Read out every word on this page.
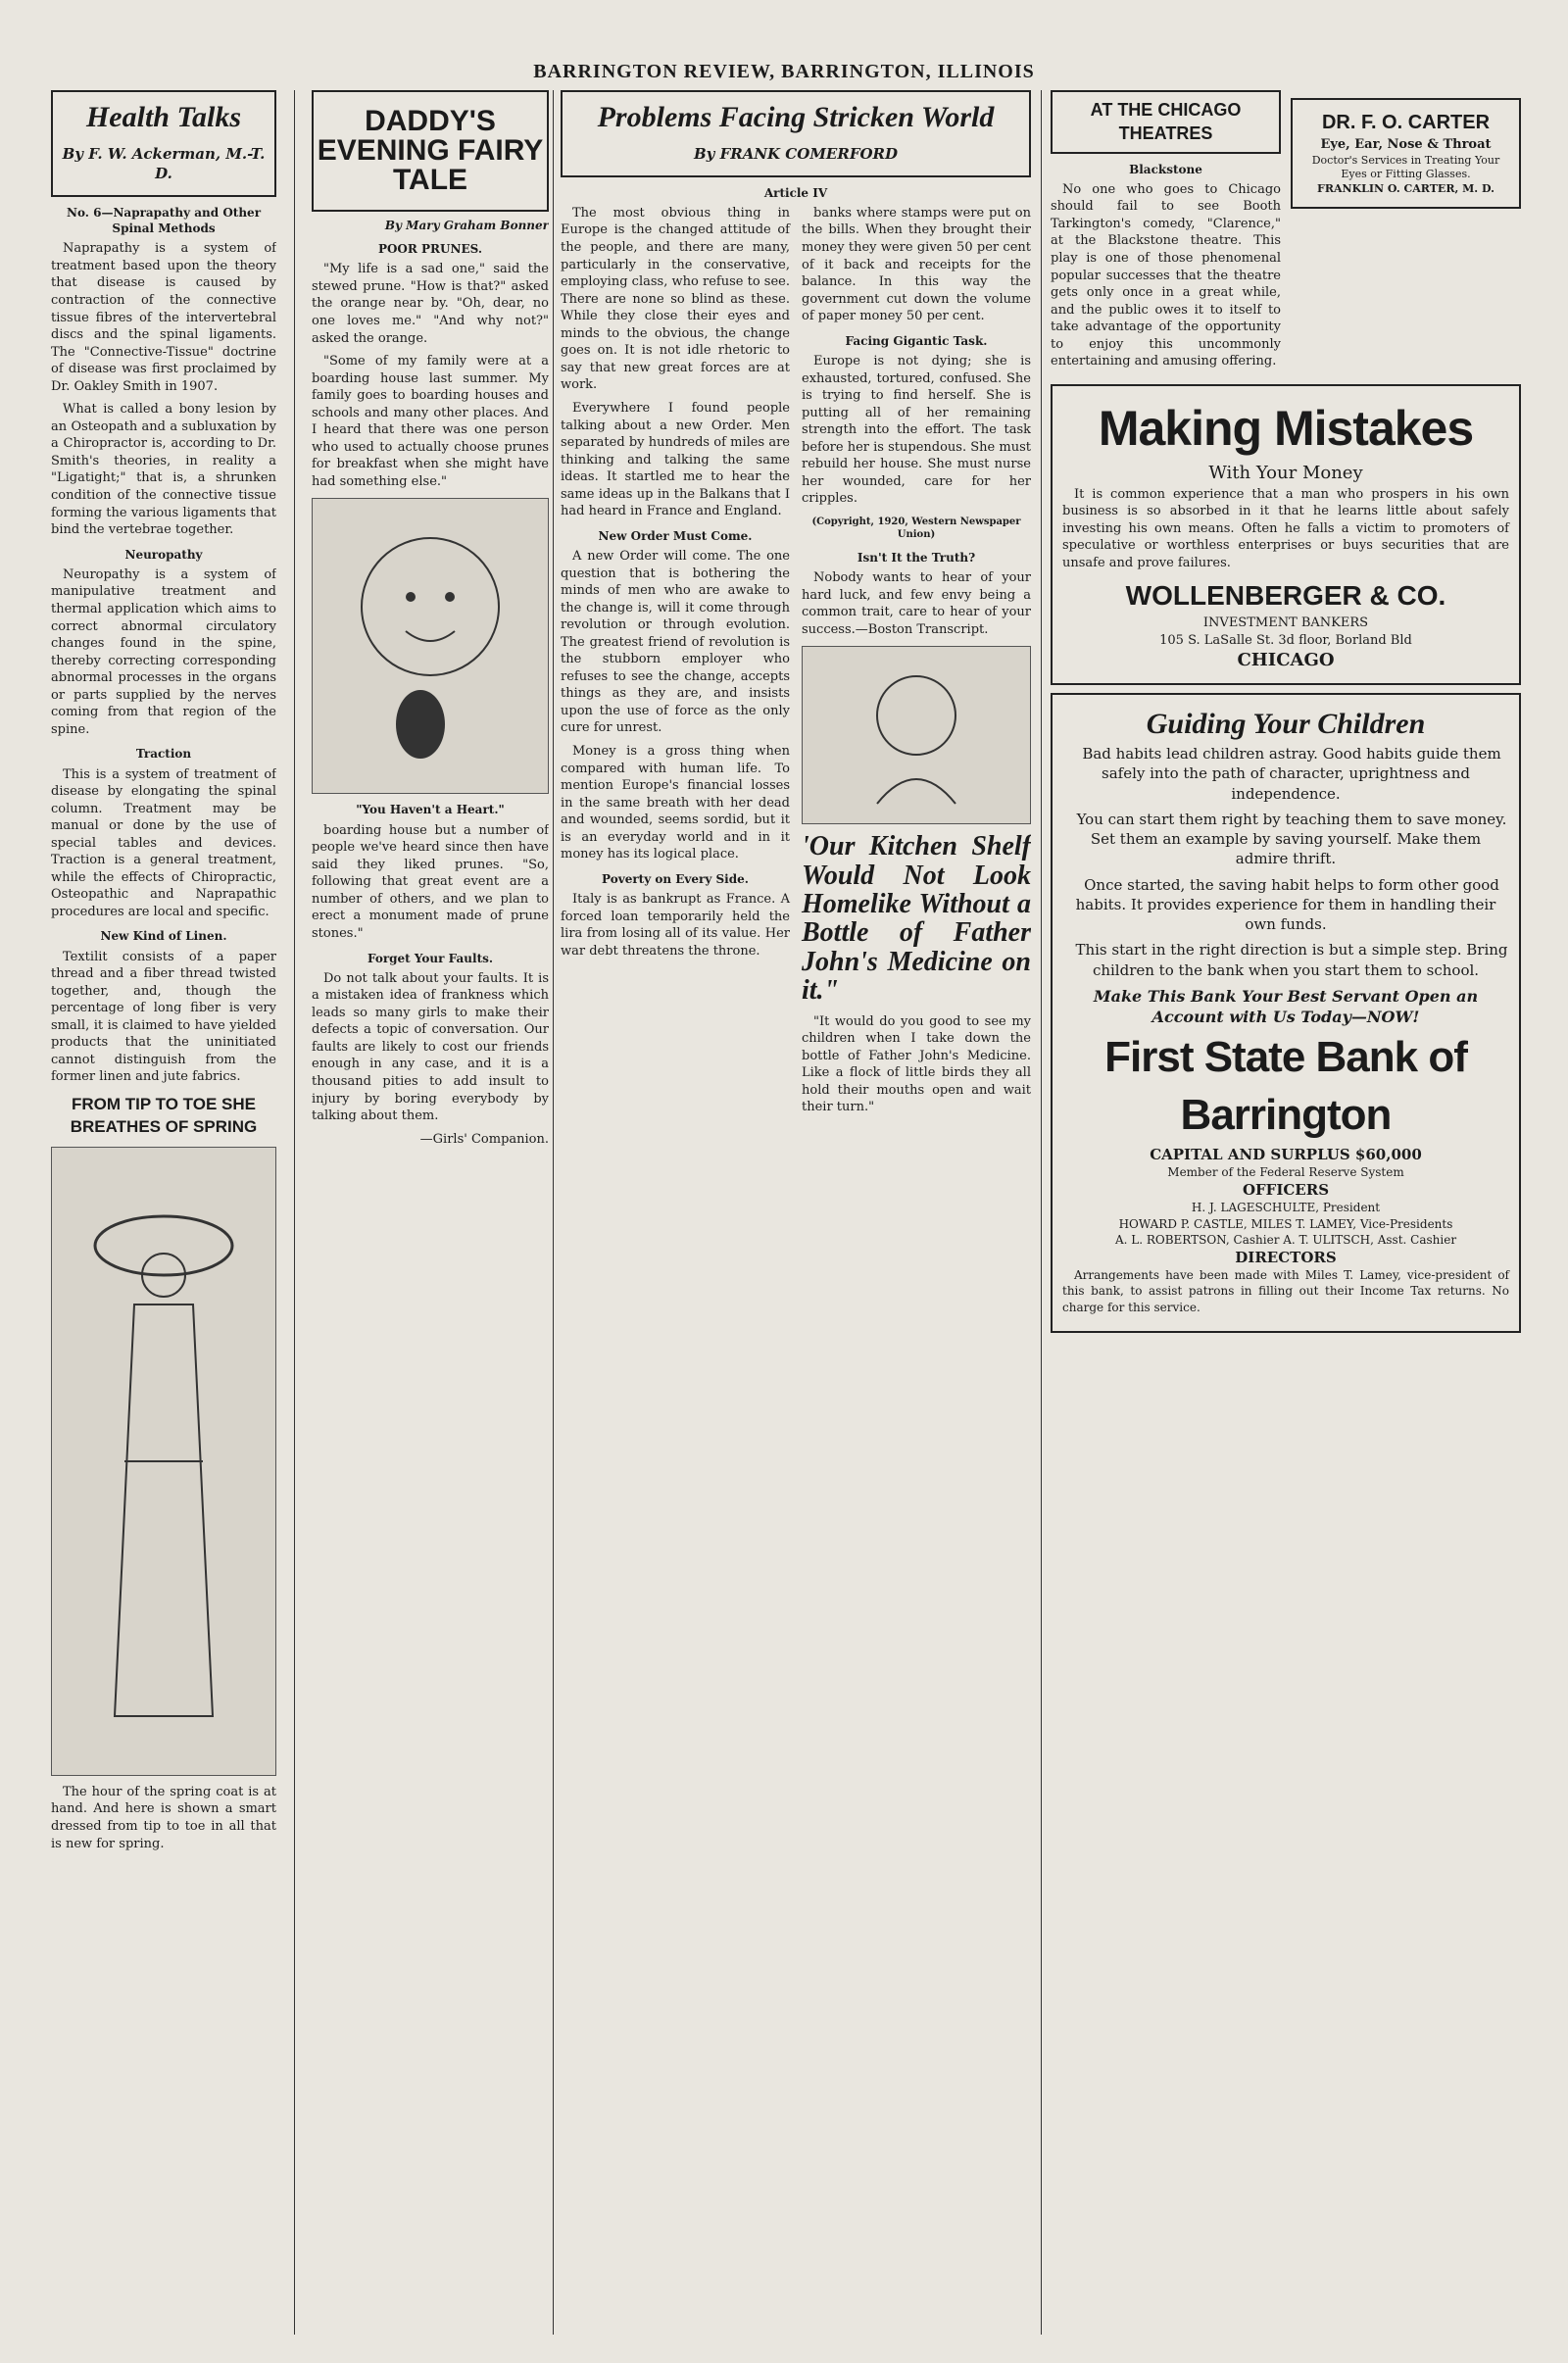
BARRINGTON REVIEW, BARRINGTON, ILLINOIS
Health Talks
By F. W. Ackerman, M.-T. D.
No. 6—Naprapathy and Other Spinal Methods

Naprapathy is a system of treatment based upon the theory that disease is caused by contraction of the connective tissue fibres of the intervertebral discs and the spinal ligaments. The "Connective-Tissue" doctrine of disease was first proclaimed by Dr. Oakley Smith in 1907.

What is called a bony lesion by an Osteopath and a subluxation by a Chiropractor is, according to Dr. Smith's theories, in reality a "Ligatight;" that is, a shrunken condition of the connective tissue forming the various ligaments that bind the vertebrae together.

Neuropathy

Neuropathy is a system of manipulative treatment and thermal application which aims to correct abnormal circulatory changes found in the spine, thereby correcting corresponding abnormal processes in the organs or parts supplied by the nerves coming from that region of the spine.

Traction

This is a system of treatment of disease by elongating the spinal column. Treatment may be manual or done by the use of special tables and devices. Traction is a general treatment, while the effects of Chiropractic, Osteopathic and Naprapathic procedures are local and specific.

New Kind of Linen.

Textilit consists of a paper thread and a fiber thread twisted together, and, though the percentage of long fiber is very small, it is claimed to have yielded products that the uninitiated cannot distinguish from the former linen and jute fabrics.

FROM TIP TO TOE SHE BREATHES OF SPRING

The hour of the spring coat is at hand. And here is shown a smart dressed from tip to toe in all that is new for spring.

DADDY'S EVENING FAIRY TALE
By Mary Graham Bonner
POOR PRUNES.

"My life is a sad one," said the stewed prune. "How is that?" asked the orange near by. "Oh, dear, no one loves me." "And why not?" asked the orange.

"Some of my family were at a boarding house last summer. My family goes to boarding houses and schools and many other places. And I heard that there was one person who used to actually choose prunes for breakfast when she might have had something else."

"You Haven't a Heart."

boarding house but a number of people we've heard since then have said they liked prunes. "So, following that great event are a number of others, and we plan to erect a monument made of prune stones."

Forget Your Faults.

Do not talk about your faults. It is a mistaken idea of frankness which leads so many girls to make their defects a topic of conversation. Our faults are likely to cost our friends enough in any case, and it is a thousand pities to add insult to injury by boring everybody by talking about them.

—Girls' Companion.
Problems Facing Stricken World
By FRANK COMERFORD
Article IV

The most obvious thing in Europe is the changed attitude of the people, and there are many, particularly in the conservative, employing class, who refuse to see. There are none so blind as these. While they close their eyes and minds to the obvious, the change goes on. It is not idle rhetoric to say that new great forces are at work.

Everywhere I found people talking about a new Order. Men separated by hundreds of miles are thinking and talking the same ideas. It startled me to hear the same ideas up in the Balkans that I had heard in France and England.

New Order Must Come.

A new Order will come. The one question that is bothering the minds of men who are awake to the change is, will it come through revolution or through evolution. The greatest friend of revolution is the stubborn employer who refuses to see the change, accepts things as they are, and insists upon the use of force as the only cure for unrest.

Money is a gross thing when compared with human life. To mention Europe's financial losses in the same breath with her dead and wounded, seems sordid, but it is an everyday world and in it money has its logical place.

Poverty on Every Side.

Italy is as bankrupt as France. A forced loan temporarily held the lira from losing all of its value. Her war debt threatens the throne.

banks where stamps were put on the bills. When they brought their money they were given 50 per cent of it back and receipts for the balance. In this way the government cut down the volume of paper money 50 per cent.

Facing Gigantic Task.

Europe is not dying; she is exhausted, tortured, confused. She is trying to find herself. She is putting all of her remaining strength into the effort. The task before her is stupendous. She must rebuild her house. She must nurse her wounded, care for her cripples.

(Copyright, 1920, Western Newspaper Union)
Isn't It the Truth?

Nobody wants to hear of your hard luck, and few envy being a common trait, care to hear of your success.—Boston Transcript.

'Our Kitchen Shelf Would Not Look Homelike Without a Bottle of Father John's Medicine on it."

"It would do you good to see my children when I take down the bottle of Father John's Medicine. Like a flock of little birds they all hold their mouths open and wait their turn."

AT THE CHICAGO THEATRES
Blackstone

No one who goes to Chicago should fail to see Booth Tarkington's comedy, "Clarence," at the Blackstone theatre. This play is one of those phenomenal popular successes that the theatre gets only once in a great while, and the public owes it to itself to take advantage of the opportunity to enjoy this uncommonly entertaining and amusing offering.

DR. F. O. CARTER
Eye, Ear, Nose & Throat
Doctor's Services in Treating Your Eyes or Fitting Glasses.
FRANKLIN O. CARTER, M. D.
Making Mistakes
With Your Money

It is common experience that a man who prospers in his own business is so absorbed in it that he learns little about safely investing his own means. Often he falls a victim to promoters of speculative or worthless enterprises or buys securities that are unsafe and prove failures.

WOLLENBERGER & CO.
INVESTMENT BANKERS
105 S. LaSalle St. 3d floor, Borland Bld
CHICAGO
Guiding Your Children

Bad habits lead children astray. Good habits guide them safely into the path of character, uprightness and independence.

You can start them right by teaching them to save money. Set them an example by saving yourself. Make them admire thrift.

Once started, the saving habit helps to form other good habits. It provides experience for them in handling their own funds.

This start in the right direction is but a simple step. Bring children to the bank when you start them to school.

Make This Bank Your Best Servant Open an Account with Us Today—NOW!
First State Bank of Barrington
CAPITAL AND SURPLUS $60,000
Member of the Federal Reserve System
OFFICERS
H. J. LAGESCHULTE, President
HOWARD P. CASTLE, MILES T. LAMEY, Vice-Presidents
A. L. ROBERTSON, Cashier A. T. ULITSCH, Asst. Cashier
DIRECTORS

Arrangements have been made with Miles T. Lamey, vice-president of this bank, to assist patrons in filling out their Income Tax returns. No charge for this service.
